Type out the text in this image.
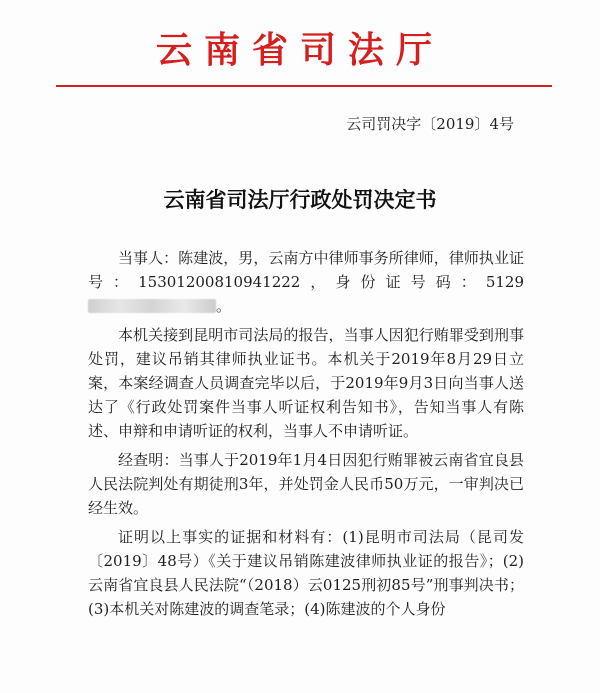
云南省司法厅
云司罚决字〔2019〕4号
云南省司法厅行政处罚决定书

当事人：陈建波，男，云南方中律师事务所律师，律师执业证号：15301200810941222，身份证号码：5129。

本机关接到昆明市司法局的报告，当事人因犯行贿罪受到刑事处罚，建议吊销其律师执业证书。本机关于2019年8月29日立案，本案经调查人员调查完毕以后，于2019年9月3日向当事人送达了《行政处罚案件当事人听证权利告知书》，告知当事人有陈述、申辩和申请听证的权利，当事人不申请听证。

经查明：当事人于2019年1月4日因犯行贿罪被云南省宜良县人民法院判处有期徒刑3年，并处罚金人民币50万元，一审判决已经生效。

证明以上事实的证据和材料有：(1)昆明市司法局（昆司发〔2019〕48号）《关于建议吊销陈建波律师执业证的报告》；(2)云南省宜良县人民法院“（2018）云0125刑初85号”刑事判决书；(3)本机关对陈建波的调查笔录；(4)陈建波的个人身份
